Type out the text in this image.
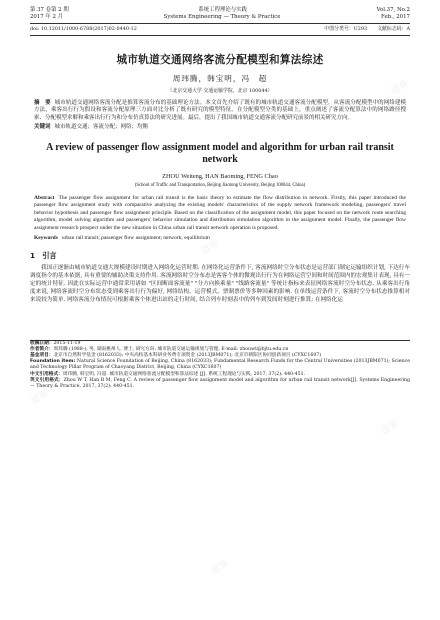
第 37 卷第 2 期	系统工程理论与实践	Vol.37, No.2
2017 年 2 月	Systems Engineering — Theory & Practice	Feb., 2017
doi: 10.12011/1000-6788(2017)02-0440-12	中图分类号：U293 文献标志码：A
城市轨道交通网络客流分配模型和算法综述
周玮腾，韩宝明，冯　超
（北京交通大学 交通运输学院，北京 100044）

摘　要 城市轨道交通网络客流分配是推算客流分布的基础理论方法。本文首先介绍了既有的城市轨道交通客流分配模型，从客流分配模型中的网络建模方法，乘客出行行为假设和客流分配原理三方面对比分析了既有研究的模型特征。在分配模型分类的基础上，重点阐述了客流分配算法中的网络路径搜索、分配模型求解和乘客出行行为和分布仿真算法的研究进展。最后，提出了我国城市轨道交通客流分配研究前景的相关研究方向。

关键词 城市轨道交通；客流分配；网络；均衡
A review of passenger flow assignment model and algorithm for urban rail transit network
ZHOU Weiteng, HAN Baoming, FENG Chao
(School of Traffic and Transportation, Beijing Jiaotong University, Beijing 100044, China)

Abstract The passenger flow assignment for urban rail transit is the basic theory to estimate the flow distribution in network. Firstly, this paper introduced the passenger flow assignment study with comparative analyzing the existing models' characteristics of the supply network framework modeling, passengers' travel behavior hypothesis and passenger flow assignment principle. Based on the classification of the assignment model, this paper focused on the network route searching algorithm, model solving algorithm and passengers' behavior simulation and distribution simulation algorithm in the assignment model. Finally, the passenger flow assignment research prospect under the new situation in China urban rail transit network operation is proposed.

Keywords urban rail transit; passenger flow assignment; network; equilibrium
1　引言

我国正逐渐由城市轨道交通大规模建设时期进入网络化运营时期. 在网络化运营条件下, 客流网络时空分布状态是运营部门制定运输组织计划, 下达行车调度指令的基本依据, 具有重要的辅助决策支持作用. 客流网络时空分布态是客客个体的微观出行行为在网络运营空间和时间范围内的宏观集计表现, 具有一定的统计特征. 因此在实际运营中通常采用诸如 "区间断面客流量" "分方向换乘量" "线路客流量" 等统计指标来表征网络客流时空分布状态. 从乘客出行角度来说, 网络客流时空分布状态受到乘客出行行为偏好, 网络结构、运营模式、票制票价等多种因素的影响. 在单线运营条件下, 客流时空分布状态推算相对来说较为简单. 网络客流分布情况可根据乘客个体进出站的走行时间, 结合列车时刻表中的列车到发间时刻进行推算; 在网络化运

收稿日期：2015-11-19

作者简介：周玮腾 (1988-), 男, 湖南桃州人, 博士, 研究方向: 城市轨道交通运输规划与管理, E-mail: zhouwt@bjtu.edu.cn

基金项目：北京市自然科学基金 (8162033); 中央高校基本科研业务费专项资金 (2013JBM071); 北京市朝阳区协同创新项目 (CYXC1607)

Foundation item: Natural Science Foundation of Beijing, China (8162033); Fundamental Research Funds for the Central Universities (2013JBM071); Science and Technology Pillar Program of Chaoyang District, Beijing, China (CYXC1607)

中文引用格式：周玮腾, 韩宝明, 冯超. 城市轨道交通网络客流分配模型和算法综述 [J]. 系统工程理论与实践, 2017, 37(2): 440-451.

英文引用格式：Zhou W T, Han B M, Feng C. A review of passenger flow assignment model and algorithm for urban rail transit network[J]. Systems Engineering — Theory & Practice, 2017, 37(2): 440-451.

道客
道客
道客
道客
道客
